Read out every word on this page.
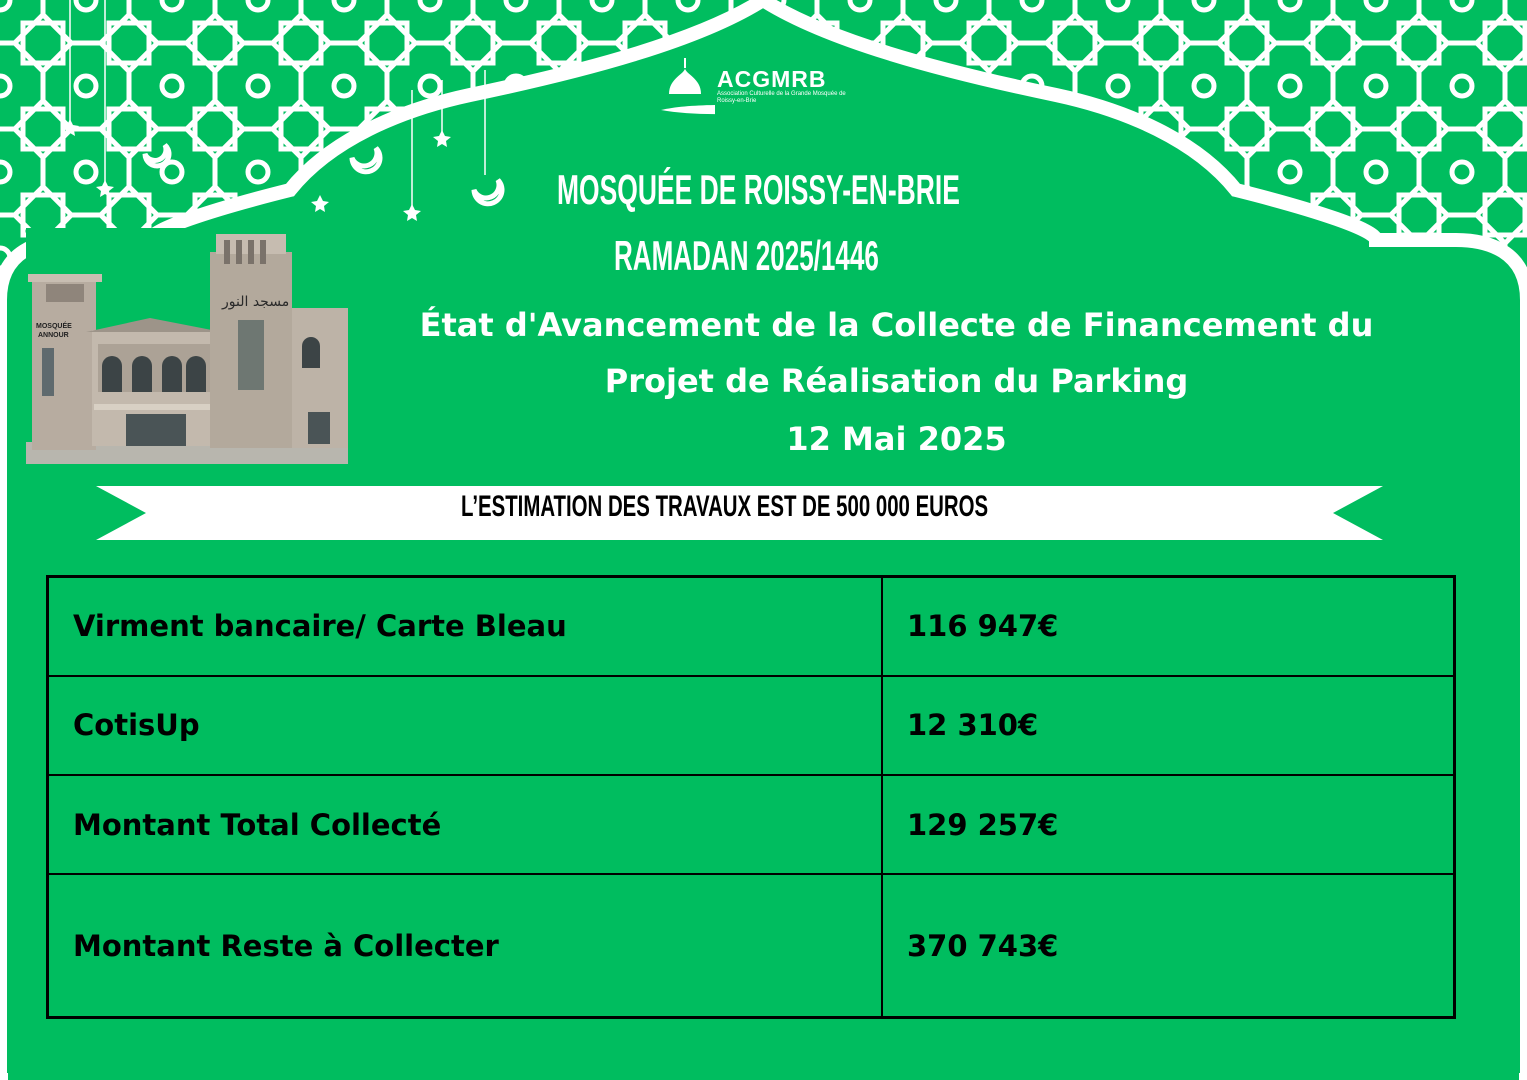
ACGMRB
Association Culturelle de la Grande Mosquée de Roissy-en-Brie
MOSQUÉE DE ROISSY-EN-BRIE
RAMADAN 2025/1446
État d'Avancement de la Collecte de Financement du
Projet de Réalisation du Parking
12 Mai 2025
MOSQUÉE
ANNOUR
مسجد النور
L’ESTIMATION DES TRAVAUX EST DE 500 000 EUROS
Virment bancaire/ Carte Bleau	116 947€
CotisUp	12 310€
Montant Total Collecté	129 257€
Montant Reste à Collecter	370 743€
